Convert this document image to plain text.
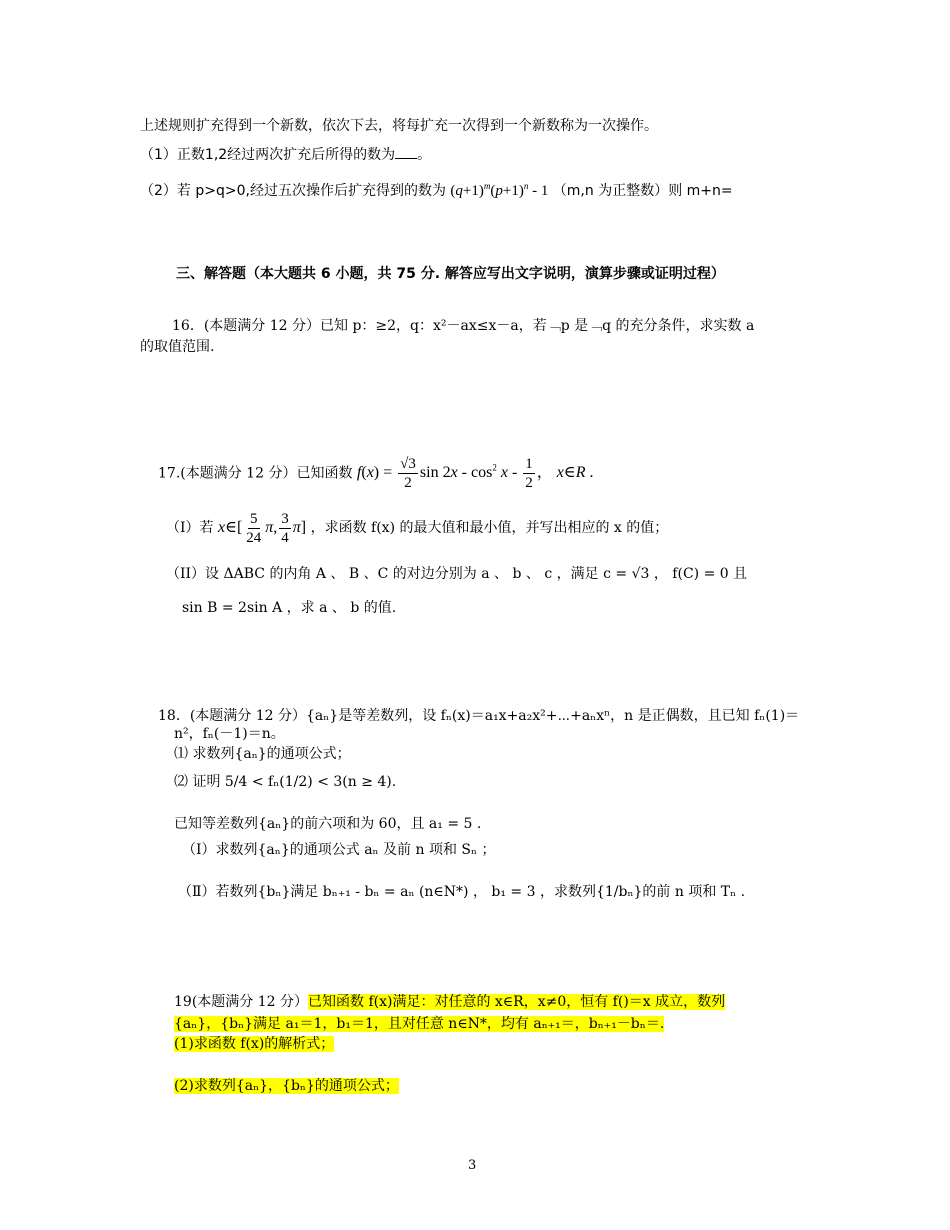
上述规则扩充得到一个新数，依次下去，将每扩充一次得到一个新数称为一次操作。
（1）正数1,2经过两次扩充后所得的数为 。
（2）若 p>q>0,经过五次操作后扩充得到的数为 $(q+1)^m(p+1)^n - 1$ （m,n 为正整数）则 m+n=
三、解答题（本大题共 6 小题，共 75 分. 解答应写出文字说明，演算步骤或证明过程）
16．(本题满分 12 分）已知 p：≥2，q：x²－ax≤x－a，若﹁p 是﹁q 的充分条件，求实数 a
的取值范围.
17.(本题满分 12 分）已知函数 $f(x) = \frac{√3}{2}$ $\sin 2x - \cos^2 x - \frac{1}{2}$ ， x∈R .
（I）若 x∈[ $\frac{5}{24} \pi$, $\frac{3}{4} \pi$] ，求函数 f(x) 的最大值和最小值，并写出相应的 x 的值；
（II）设 ΔABC 的内角 A 、 B 、C 的对边分别为 a 、 b 、 c ，满足 c = √3 ， f(C) = 0 且
sin B = 2sin A ，求 a 、 b 的值.
18．(本题满分 12 分）{aₙ}是等差数列，设 fₙ(x)＝a₁x+a₂x²+⋯+aₙxⁿ，n 是正偶数，且已知 fₙ(1)＝
n²，fₙ(－1)＝n。
⑴ 求数列{aₙ}的通项公式；
⑵ 证明 5/4 < fₙ(1/2) < 3(n ≥ 4).
已知等差数列{aₙ}的前六项和为 60，且 a₁ = 5 .
（Ⅰ）求数列{aₙ}的通项公式 aₙ 及前 n 项和 Sₙ ；
（Ⅱ）若数列{bₙ}满足 bₙ₊₁ - bₙ = aₙ (n∈N*) ， b₁ = 3 ，求数列{1/bₙ}的前 n 项和 Tₙ .
19(本题满分 12 分）已知函数 f(x)满足：对任意的 x∈R，x≠0，恒有 f()＝x 成立，数列
{aₙ}，{bₙ}满足 a₁＝1，b₁＝1，且对任意 n∈N*，均有 aₙ₊₁＝，bₙ₊₁－bₙ＝.
(1)求函数 f(x)的解析式；
(2)求数列{aₙ}，{bₙ}的通项公式；
3
